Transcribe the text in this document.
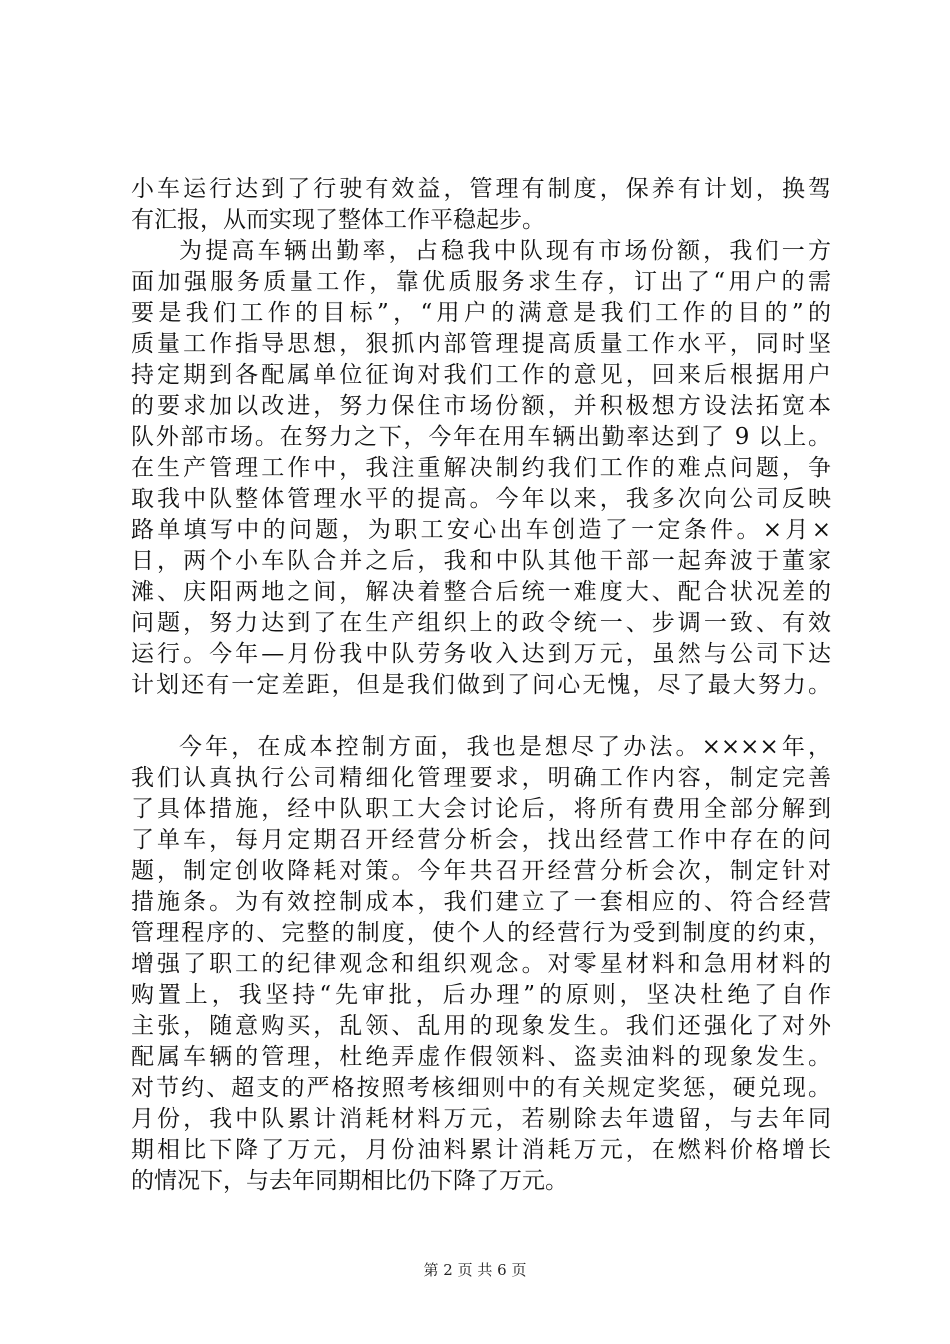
小车运行达到了行驶有效益，管理有制度，保养有计划，换驾
有汇报，从而实现了整体工作平稳起步。
为提高车辆出勤率，占稳我中队现有市场份额，我们一方
面加强服务质量工作，靠优质服务求生存，订出了“用户的需
要是我们工作的目标”，“用户的满意是我们工作的目的”的
质量工作指导思想，狠抓内部管理提高质量工作水平，同时坚
持定期到各配属单位征询对我们工作的意见，回来后根据用户
的要求加以改进，努力保住市场份额，并积极想方设法拓宽本
队外部市场。在努力之下，今年在用车辆出勤率达到了 9 以上。
在生产管理工作中，我注重解决制约我们工作的难点问题，争
取我中队整体管理水平的提高。今年以来，我多次向公司反映
路单填写中的问题，为职工安心出车创造了一定条件。×月×
日，两个小车队合并之后，我和中队其他干部一起奔波于董家
滩、庆阳两地之间，解决着整合后统一难度大、配合状况差的
问题，努力达到了在生产组织上的政令统一、步调一致、有效
运行。今年—月份我中队劳务收入达到万元，虽然与公司下达
计划还有一定差距，但是我们做到了问心无愧，尽了最大努力。
今年，在成本控制方面，我也是想尽了办法。××××年，
我们认真执行公司精细化管理要求，明确工作内容，制定完善
了具体措施，经中队职工大会讨论后，将所有费用全部分解到
了单车，每月定期召开经营分析会，找出经营工作中存在的问
题，制定创收降耗对策。今年共召开经营分析会次，制定针对
措施条。为有效控制成本，我们建立了一套相应的、符合经营
管理程序的、完整的制度，使个人的经营行为受到制度的约束，
增强了职工的纪律观念和组织观念。对零星材料和急用材料的
购置上，我坚持“先审批，后办理”的原则，坚决杜绝了自作
主张，随意购买，乱领、乱用的现象发生。我们还强化了对外
配属车辆的管理，杜绝弄虚作假领料、盗卖油料的现象发生。
对节约、超支的严格按照考核细则中的有关规定奖惩，硬兑现。
月份，我中队累计消耗材料万元，若剔除去年遗留，与去年同
期相比下降了万元，月份油料累计消耗万元，在燃料价格增长
的情况下，与去年同期相比仍下降了万元。
第 2 页 共 6 页
